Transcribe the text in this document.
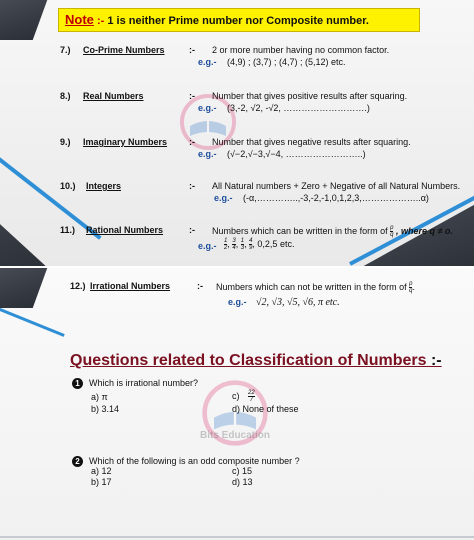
Note :- 1 is neither Prime number nor Composite number.
7.) Co-Prime Numbers	:- 2 or more number having no common factor.
e.g.- (4,9) ; (3,7) ; (4,7) ; (5,12) etc.
8.) Real Numbers	:- Number that gives positive results after squaring.
e.g.- (3,-2, √2, -√2, ……………………….)
9.) Imaginary Numbers :- Number that gives negative results after squaring.
e.g.- (√−2,√−3,√−4, ……………………..)
10.) Integers	:- All Natural numbers + Zero + Negative of all Natural Numbers.
e.g.- (-α,…………..,-3,-2,-1,0,1,2,3,………………..α)
11.) Rational Numbers	:- Numbers which can be written in the form of $\frac{p}{q}$ , where q ≠ o.
$e.g.- \frac{1}{2}$ , $\frac{3}{4}$ , $\frac{1}{3}$ , $\frac{4}{9}$ , 0,2,5 etc.
Bits Education
12.) Irrational Numbers	:- Numbers which can not be written in the form of $\frac{p}{q}$ .
e.g.- √2, √3, √5, √6, π etc.
Questions related to Classification of Numbers :-
1 Which is irrational number?
a) π	$c) \frac{22}{7}$
b) 3.14	d) None of these
2 Which of the following is an odd composite number ?
a) 12	c) 15
b) 17	d) 13
